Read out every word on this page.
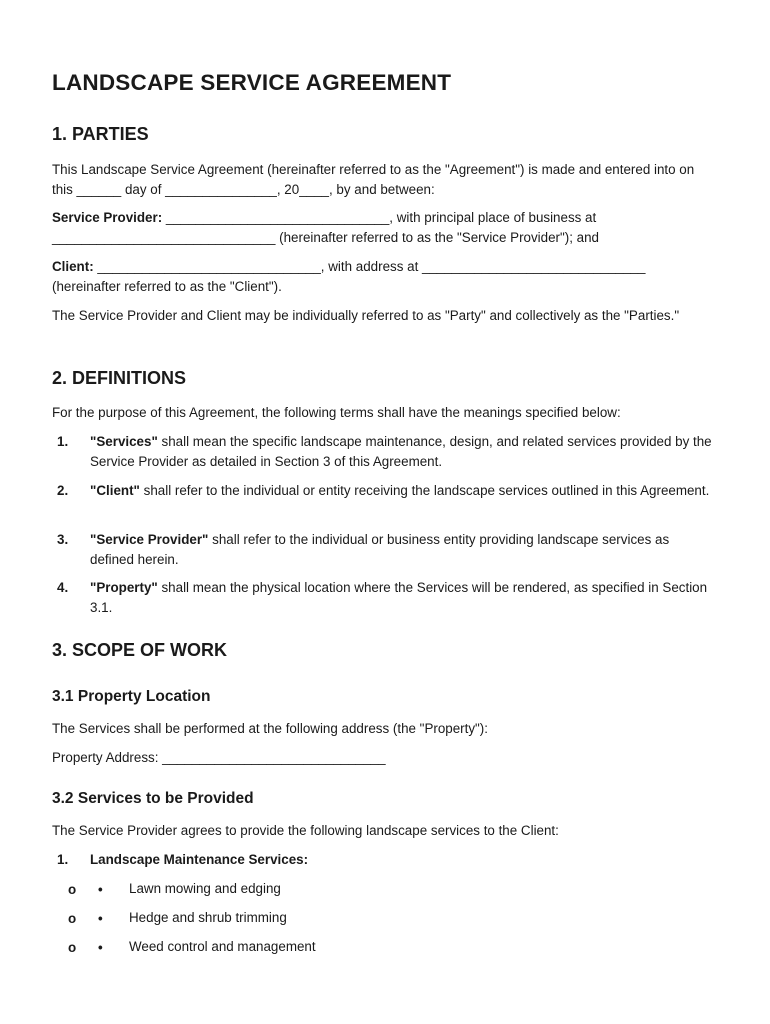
LANDSCAPE SERVICE AGREEMENT
1. PARTIES

This Landscape Service Agreement (hereinafter referred to as the "Agreement") is made and entered into on this ______ day of _______________, 20____, by and between:

Service Provider: ______________________________, with principal place of business at ______________________________ (hereinafter referred to as the "Service Provider"); and

Client: ______________________________, with address at ______________________________ (hereinafter referred to as the "Client").

The Service Provider and Client may be individually referred to as "Party" and collectively as the "Parties."

2. DEFINITIONS

For the purpose of this Agreement, the following terms shall have the meanings specified below:

1. "Services" shall mean the specific landscape maintenance, design, and related services provided by the Service Provider as detailed in Section 3 of this Agreement.
2. "Client" shall refer to the individual or entity receiving the landscape services outlined in this Agreement.
3. "Service Provider" shall refer to the individual or business entity providing landscape services as defined herein.
4. "Property" shall mean the physical location where the Services will be rendered, as specified in Section 3.1.
3. SCOPE OF WORK
3.1 Property Location

The Services shall be performed at the following address (the "Property"):

Property Address: ______________________________

3.2 Services to be Provided

The Service Provider agrees to provide the following landscape services to the Client:

1. Landscape Maintenance Services:
o • Lawn mowing and edging
o • Hedge and shrub trimming
o • Weed control and management
